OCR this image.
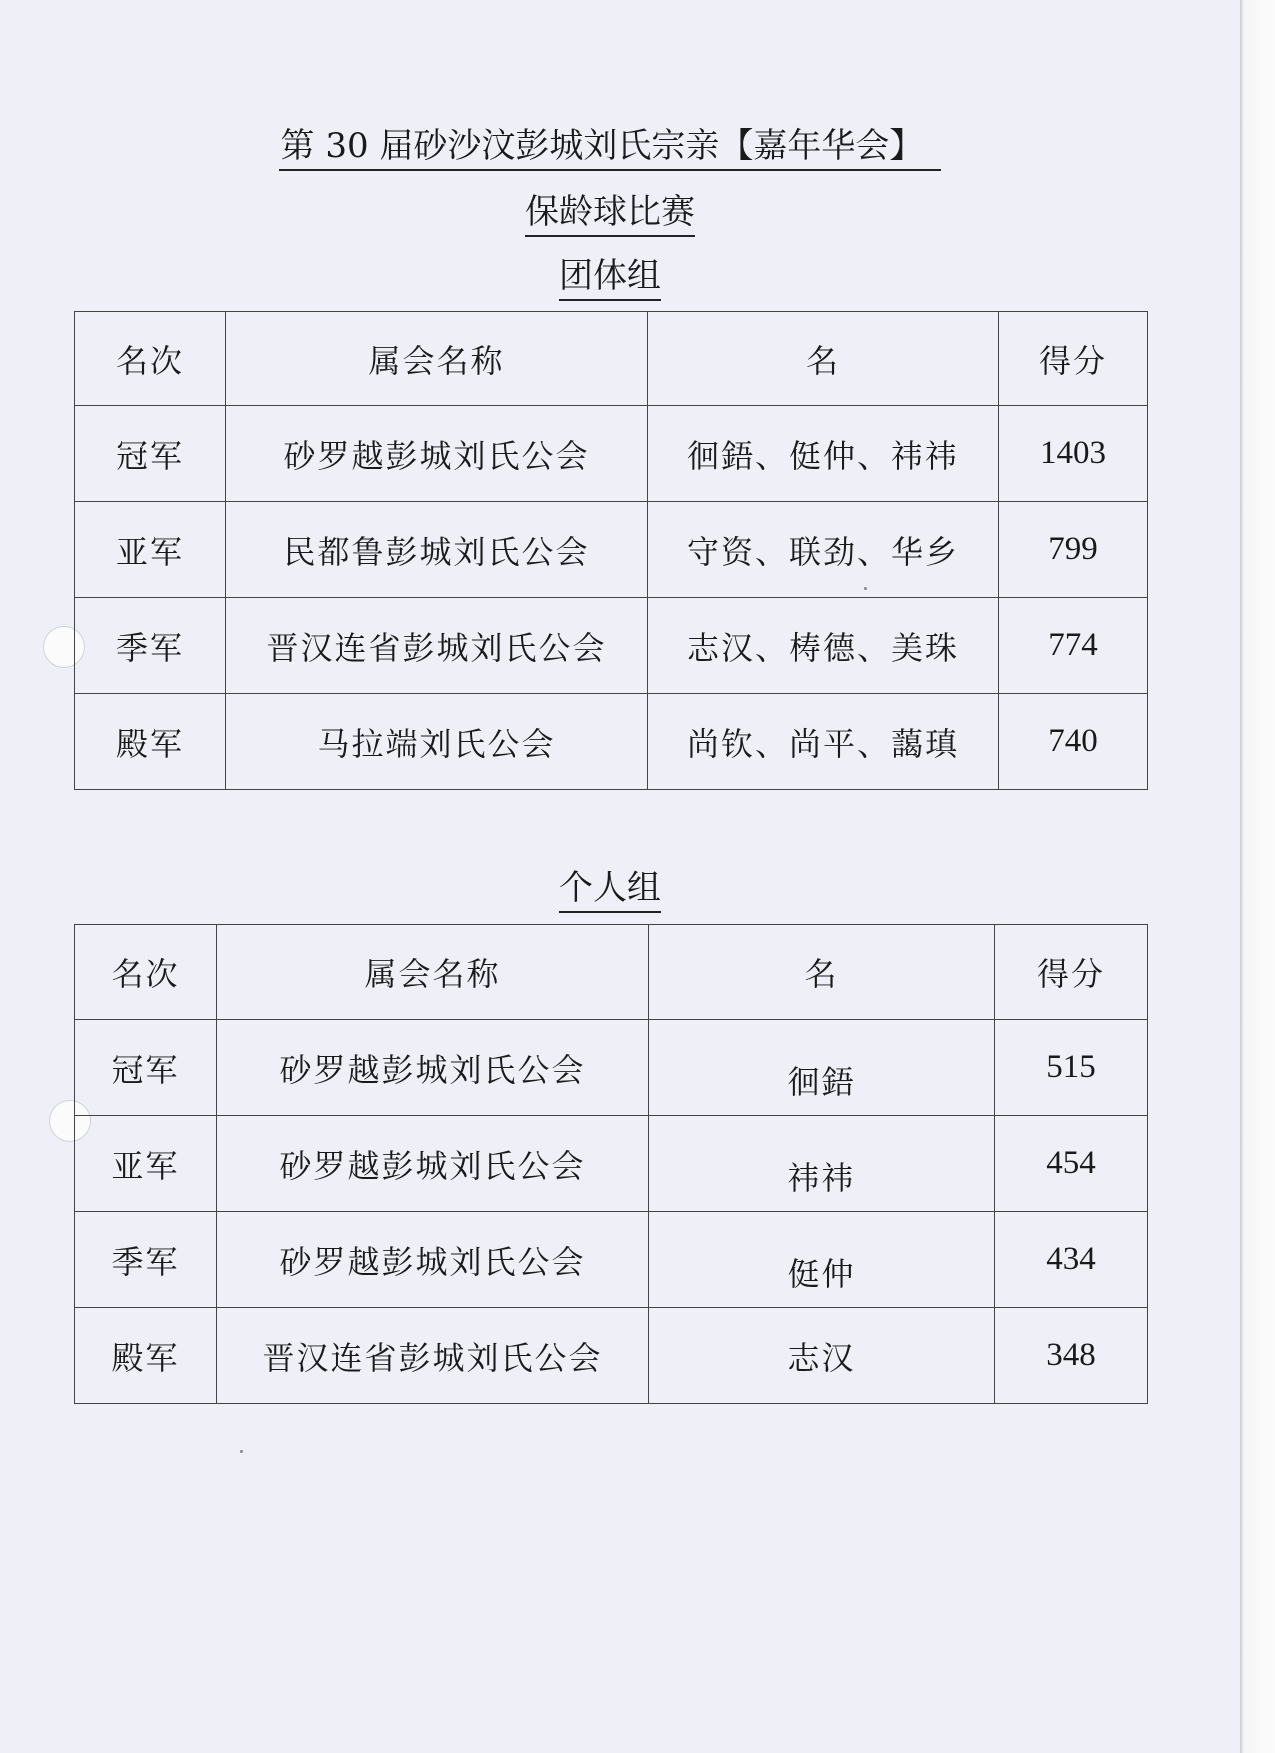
第 30 届砂沙汶彭城刘氏宗亲【嘉年华会】
保龄球比赛
团体组
名次	属会名称	名	得分
冠军	砂罗越彭城刘氏公会	徊鋙、侹仲、祎祎	1403
亚军	民都鲁彭城刘氏公会	守资、联劲、华乡	799
季军	晋汉连省彭城刘氏公会	志汉、梼德、美珠	774
殿军	马拉端刘氏公会	尚钦、尚平、藹瑱	740
个人组
名次	属会名称	名	得分
冠军	砂罗越彭城刘氏公会	徊鋙	515
亚军	砂罗越彭城刘氏公会	祎祎	454
季军	砂罗越彭城刘氏公会	侹仲	434
殿军	晋汉连省彭城刘氏公会	志汉	348
